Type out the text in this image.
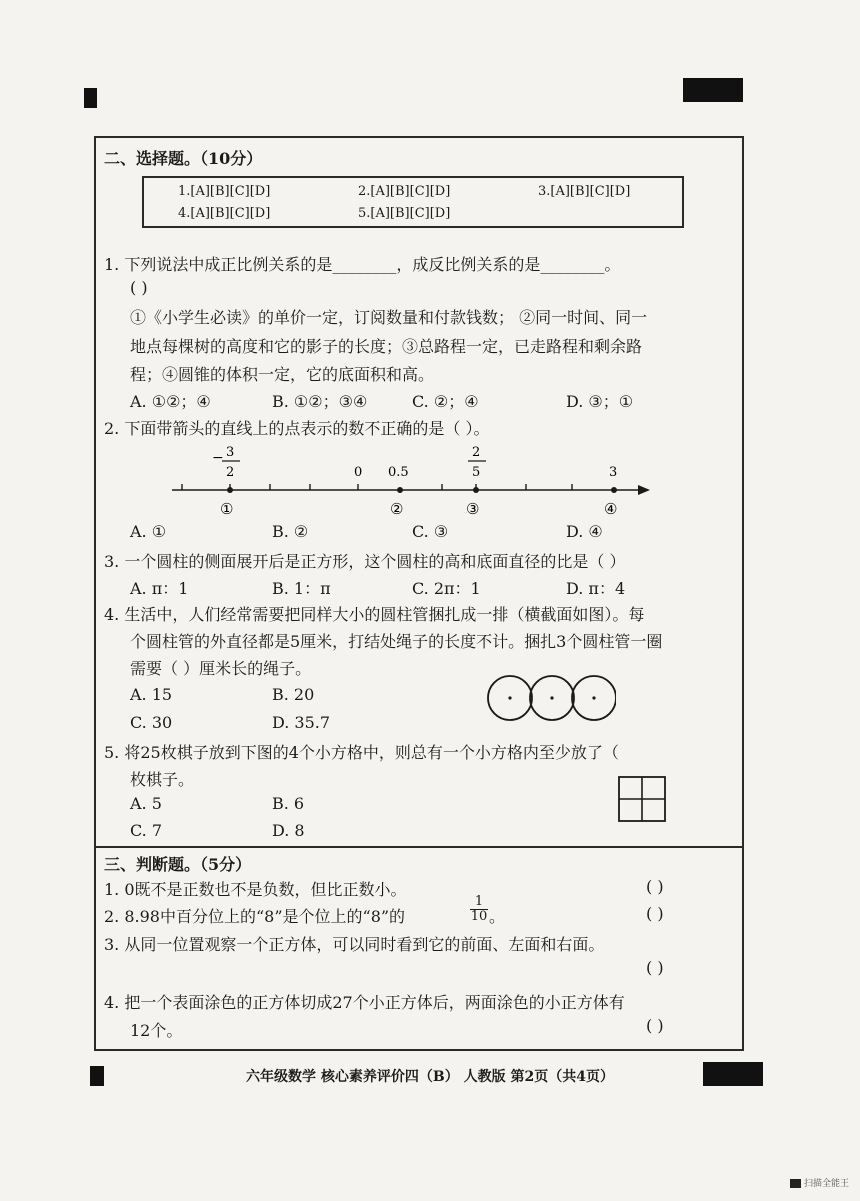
二、选择题。（10分）
1.[A][B][C][D]	2.[A][B][C][D]	3.[A][B][C][D]
4.[A][B][C][D]	5.[A][B][C][D]
1. 下列说法中成正比例关系的是________，成反比例关系的是________。
( )
①《小学生必读》的单价一定，订阅数量和付款钱数； ②同一时间、同一
地点每棵树的高度和它的影子的长度；③总路程一定，已走路程和剩余路
程；④圆锥的体积一定，它的底面积和高。
A. ①②；④	B. ①②；③④	C. ②；④	D. ③；①
2. 下面带箭头的直线上的点表示的数不正确的是（ ）。
− 3
2	0 0.5
2
5	3
①	②	③	④
A. ①	B. ②	C. ③	D. ④
3. 一个圆柱的侧面展开后是正方形，这个圆柱的高和底面直径的比是（ ）
A. π：1	B. 1：π	C. 2π：1	D. π：4
4. 生活中，人们经常需要把同样大小的圆柱管捆扎成一排（横截面如图）。每
个圆柱管的外直径都是5厘米，打结处绳子的长度不计。捆扎3个圆柱管一圈
需要（ ）厘米长的绳子。
A. 15	B. 20
C. 30	D. 35.7
5. 将25枚棋子放到下图的4个小方格中，则总有一个小方格内至少放了（
枚棋子。
A. 5	B. 6
C. 7	D. 8
三、判断题。（5分）
1. 0既不是正数也不是负数，但比正数小。	( )
2. 8.98中百分位上的“8”是个位上的“8”的	$\frac{1}{10}$ 。	( )
3. 从同一位置观察一个正方体，可以同时看到它的前面、左面和右面。
( )
4. 把一个表面涂色的正方体切成27个小正方体后，两面涂色的小正方体有
12个。	( )
六年级数学 核心素养评价四（B） 人教版 第2页（共4页）
扫描全能王
